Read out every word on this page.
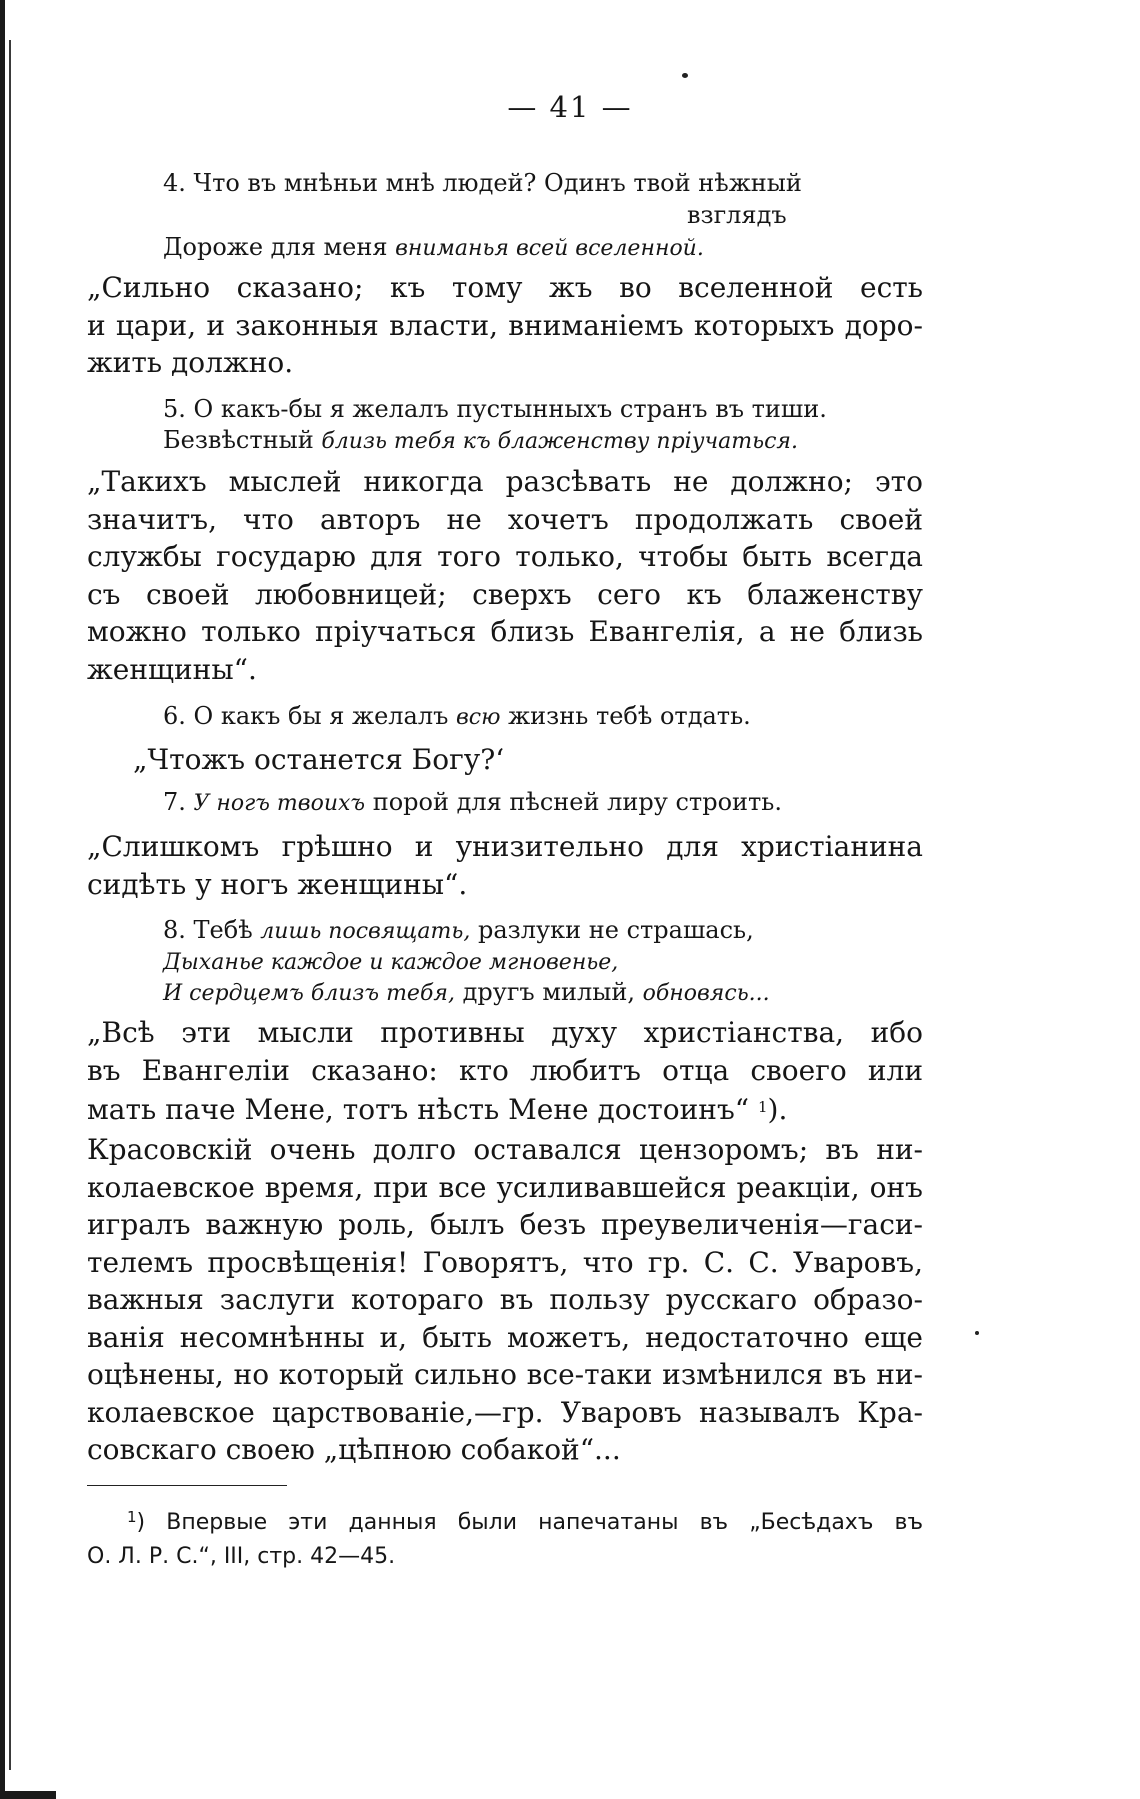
— 41 —
4. Что въ мнѣньи мнѣ людей? Одинъ твой нѣжный
взглядъ
Дороже для меня вниманья всей вселенной.
„Сильно сказано; къ тому жъ во вселенной есть
и цари, и законныя власти, вниманіемъ которыхъ доро-
жить должно.
5. О какъ-бы я желалъ пустынныхъ странъ въ тиши.
Безвѣстный близь тебя къ блаженству пріучаться.
„Такихъ мыслей никогда разсѣвать не должно; это
значитъ, что авторъ не хочетъ продолжать своей
службы государю для того только, чтобы быть всегда
съ своей любовницей; сверхъ сего къ блаженству
можно только пріучаться близь Евангелія, а не близь
женщины“.
6. О какъ бы я желалъ всю жизнь тебѣ отдать.
„Чтожъ останется Богу?‘
7. У ногъ твоихъ порой для пѣсней лиру строить.
„Слишкомъ грѣшно и унизительно для христіанина
сидѣть у ногъ женщины“.
8. Тебѣ лишь посвящать, разлуки не страшась,
Дыханье каждое и каждое мгновенье,
И сердцемъ близъ тебя, другъ милый, обновясь...
„Всѣ эти мысли противны духу христіанства, ибо
въ Евангеліи сказано: кто любитъ отца своего или
мать паче Мене, тотъ нѣсть Мене достоинъ“ $^1$).
Красовскій очень долго оставался цензоромъ; въ ни-
колаевское время, при все усиливавшейся реакціи, онъ
игралъ важную роль, былъ безъ преувеличенія—гаси-
телемъ просвѣщенія! Говорятъ, что гр. С. С. Уваровъ,
важныя заслуги котораго въ пользу русскаго образо-
ванія несомнѣнны и, быть можетъ, недостаточно еще
оцѣнены, но который сильно все-таки измѣнился въ ни-
колаевское царствованіе,—гр. Уваровъ называлъ Кра-
совскаго своею „цѣпною собакой“...
$^1$) Впервые эти данныя были напечатаны въ „Бесѣдахъ въ
О. Л. Р. С.“, III, стр. 42—45.
